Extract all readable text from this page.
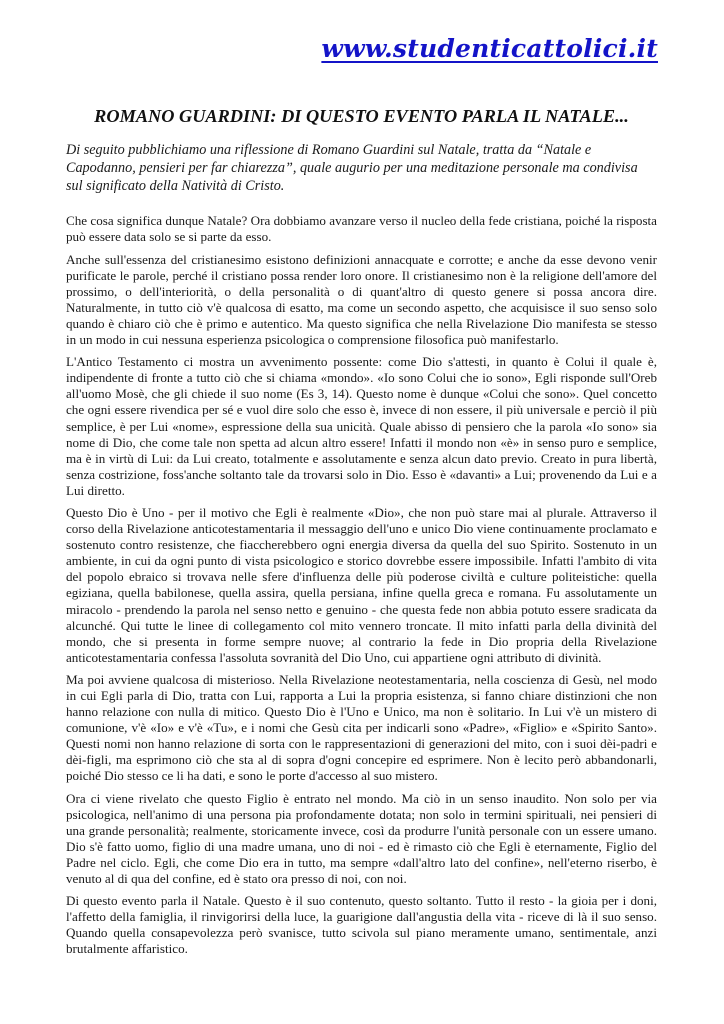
www.studenticattolici.it
ROMANO GUARDINI: DI QUESTO EVENTO PARLA IL NATALE...

Di seguito pubblichiamo una riflessione di Romano Guardini sul Natale, tratta da “Natale e Capodanno, pensieri per far chiarezza”, quale augurio per una meditazione personale ma condivisa sul significato della Natività di Cristo.

Che cosa significa dunque Natale? Ora dobbiamo avanzare verso il nucleo della fede cristiana, poiché la risposta può essere data solo se si parte da esso.

Anche sull'essenza del cristianesimo esistono definizioni annacquate e corrotte; e anche da esse devono venir purificate le parole, perché il cristiano possa render loro onore. Il cristianesimo non è la religione dell'amore del prossimo, o dell'interiorità, o della personalità o di quant'altro di questo genere si possa ancora dire. Naturalmente, in tutto ciò v'è qualcosa di esatto, ma come un secondo aspetto, che acquisisce il suo senso solo quando è chiaro ciò che è primo e autentico. Ma questo significa che nella Rivelazione Dio manifesta se stesso in un modo in cui nessuna esperienza psicologica o comprensione filosofica può manifestarlo.

L'Antico Testamento ci mostra un avvenimento possente: come Dio s'attesti, in quanto è Colui il quale è, indipendente di fronte a tutto ciò che si chiama «mondo». «Io sono Colui che io sono», Egli risponde sull'Oreb all'uomo Mosè, che gli chiede il suo nome (Es 3, 14). Questo nome è dunque «Colui che sono». Quel concetto che ogni essere rivendica per sé e vuol dire solo che esso è, invece di non essere, il più universale e perciò il più semplice, è per Lui «nome», espressione della sua unicità. Quale abisso di pensiero che la parola «Io sono» sia nome di Dio, che come tale non spetta ad alcun altro essere! Infatti il mondo non «è» in senso puro e semplice, ma è in virtù di Lui: da Lui creato, totalmente e assolutamente e senza alcun dato previo. Creato in pura libertà, senza costrizione, foss'anche soltanto tale da trovarsi solo in Dio. Esso è «davanti» a Lui; provenendo da Lui e a Lui diretto.

Questo Dio è Uno - per il motivo che Egli è realmente «Dio», che non può stare mai al plurale. Attraverso il corso della Rivelazione anticotestamentaria il messaggio dell'uno e unico Dio viene continuamente proclamato e sostenuto contro resistenze, che fiaccherebbero ogni energia diversa da quella del suo Spirito. Sostenuto in un ambiente, in cui da ogni punto di vista psicologico e storico dovrebbe essere impossibile. Infatti l'ambito di vita del popolo ebraico si trovava nelle sfere d'influenza delle più poderose civiltà e culture politeistiche: quella egiziana, quella babilonese, quella assira, quella persiana, infine quella greca e romana. Fu assolutamente un miracolo - prendendo la parola nel senso netto e genuino - che questa fede non abbia potuto essere sradicata da alcunché. Qui tutte le linee di collegamento col mito vennero troncate. Il mito infatti parla della divinità del mondo, che si presenta in forme sempre nuove; al contrario la fede in Dio propria della Rivelazione anticotestamentaria confessa l'assoluta sovranità del Dio Uno, cui appartiene ogni attributo di divinità.

Ma poi avviene qualcosa di misterioso. Nella Rivelazione neotestamentaria, nella coscienza di Gesù, nel modo in cui Egli parla di Dio, tratta con Lui, rapporta a Lui la propria esistenza, si fanno chiare distinzioni che non hanno relazione con nulla di mitico. Questo Dio è l'Uno e Unico, ma non è solitario. In Lui v'è un mistero di comunione, v'è «Io» e v'è «Tu», e i nomi che Gesù cita per indicarli sono «Padre», «Figlio» e «Spirito Santo». Questi nomi non hanno relazione di sorta con le rappresentazioni di generazioni del mito, con i suoi dèi-padri e dèi-figli, ma esprimono ciò che sta al di sopra d'ogni concepire ed esprimere. Non è lecito però abbandonarli, poiché Dio stesso ce li ha dati, e sono le porte d'accesso al suo mistero.

Ora ci viene rivelato che questo Figlio è entrato nel mondo. Ma ciò in un senso inaudito. Non solo per via psicologica, nell'animo di una persona pia profondamente dotata; non solo in termini spirituali, nei pensieri di una grande personalità; realmente, storicamente invece, così da produrre l'unità personale con un essere umano. Dio s'è fatto uomo, figlio di una madre umana, uno di noi - ed è rimasto ciò che Egli è eternamente, Figlio del Padre nel ciclo. Egli, che come Dio era in tutto, ma sempre «dall'altro lato del confine», nell'eterno riserbo, è venuto al di qua del confine, ed è stato ora presso di noi, con noi.

Di questo evento parla il Natale. Questo è il suo contenuto, questo soltanto. Tutto il resto - la gioia per i doni, l'affetto della famiglia, il rinvigorirsi della luce, la guarigione dall'angustia della vita - riceve di là il suo senso. Quando quella consapevolezza però svanisce, tutto scivola sul piano meramente umano, sentimentale, anzi brutalmente affaristico.
